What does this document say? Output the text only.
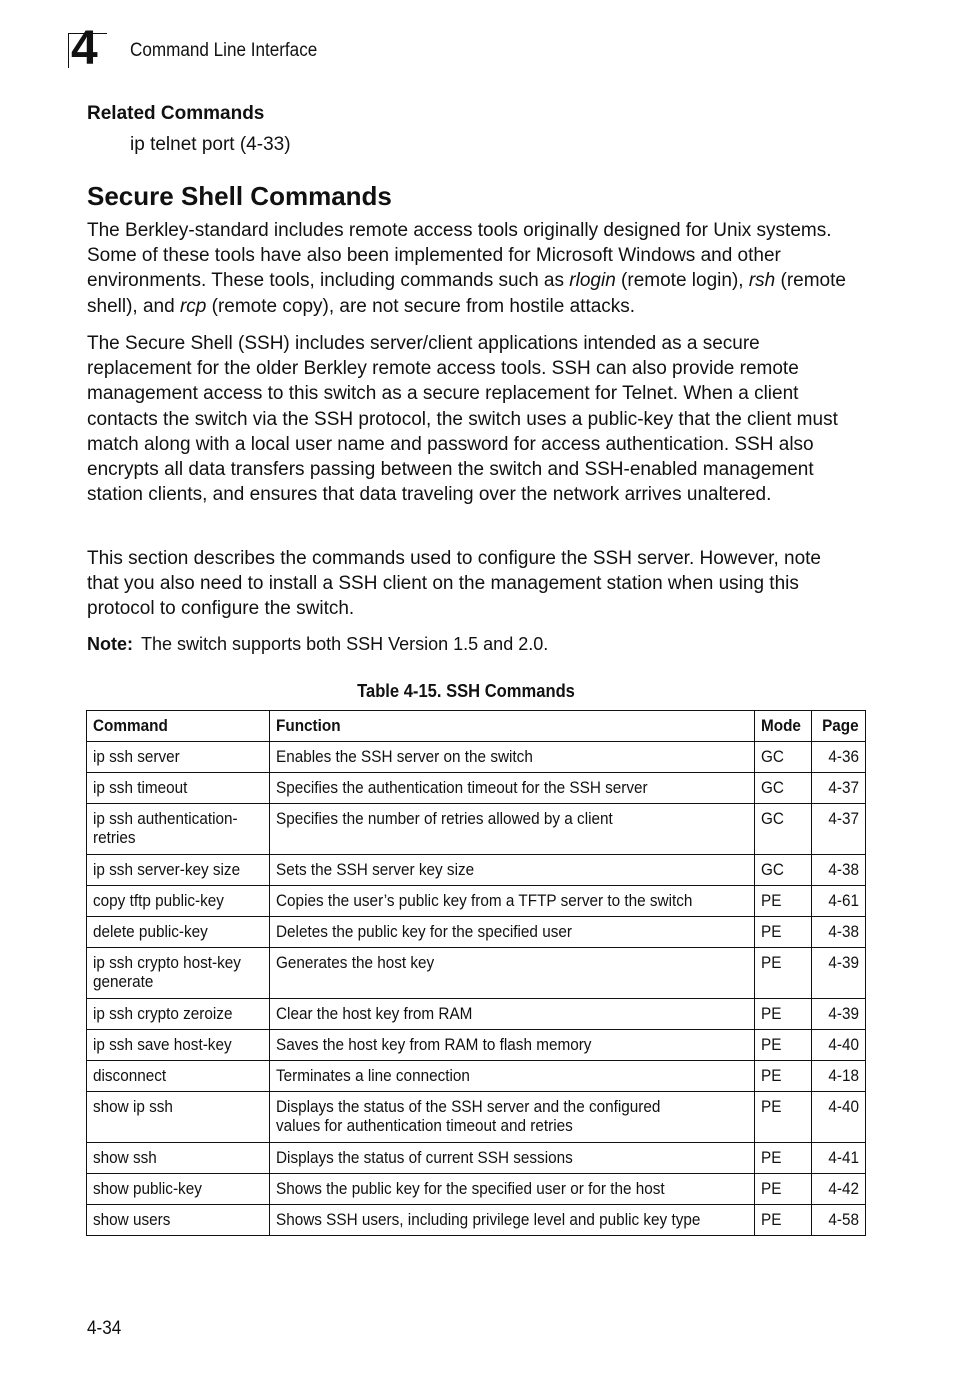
4 Command Line Interface
Related Commands
ip telnet port (4-33)
Secure Shell Commands

The Berkley-standard includes remote access tools originally designed for Unix systems. Some of these tools have also been implemented for Microsoft Windows and other environments. These tools, including commands such as rlogin (remote login), rsh (remote shell), and rcp (remote copy), are not secure from hostile attacks.

The Secure Shell (SSH) includes server/client applications intended as a secure replacement for the older Berkley remote access tools. SSH can also provide remote management access to this switch as a secure replacement for Telnet. When a client contacts the switch via the SSH protocol, the switch uses a public-key that the client must match along with a local user name and password for access authentication. SSH also encrypts all data transfers passing between the switch and SSH-enabled management station clients, and ensures that data traveling over the network arrives unaltered.

This section describes the commands used to configure the SSH server. However, note that you also need to install a SSH client on the management station when using this protocol to configure the switch.

Note: The switch supports both SSH Version 1.5 and 2.0.
Table 4-15. SSH Commands
Command	Function	Mode	Page
ip ssh server	Enables the SSH server on the switch	GC	4-36
ip ssh timeout	Specifies the authentication timeout for the SSH server	GC	4-37
ip ssh authentication-retries	Specifies the number of retries allowed by a client	GC	4-37
ip ssh server-key size	Sets the SSH server key size	GC	4-38
copy tftp public-key	Copies the user’s public key from a TFTP server to the switch	PE	4-61
delete public-key	Deletes the public key for the specified user	PE	4-38
ip ssh crypto host-key generate	Generates the host key	PE	4-39
ip ssh crypto zeroize	Clear the host key from RAM	PE	4-39
ip ssh save host-key	Saves the host key from RAM to flash memory	PE	4-40
disconnect	Terminates a line connection	PE	4-18
show ip ssh	Displays the status of the SSH server and the configured values for authentication timeout and retries	PE	4-40
show ssh	Displays the status of current SSH sessions	PE	4-41
show public-key	Shows the public key for the specified user or for the host	PE	4-42
show users	Shows SSH users, including privilege level and public key type	PE	4-58
4-34
